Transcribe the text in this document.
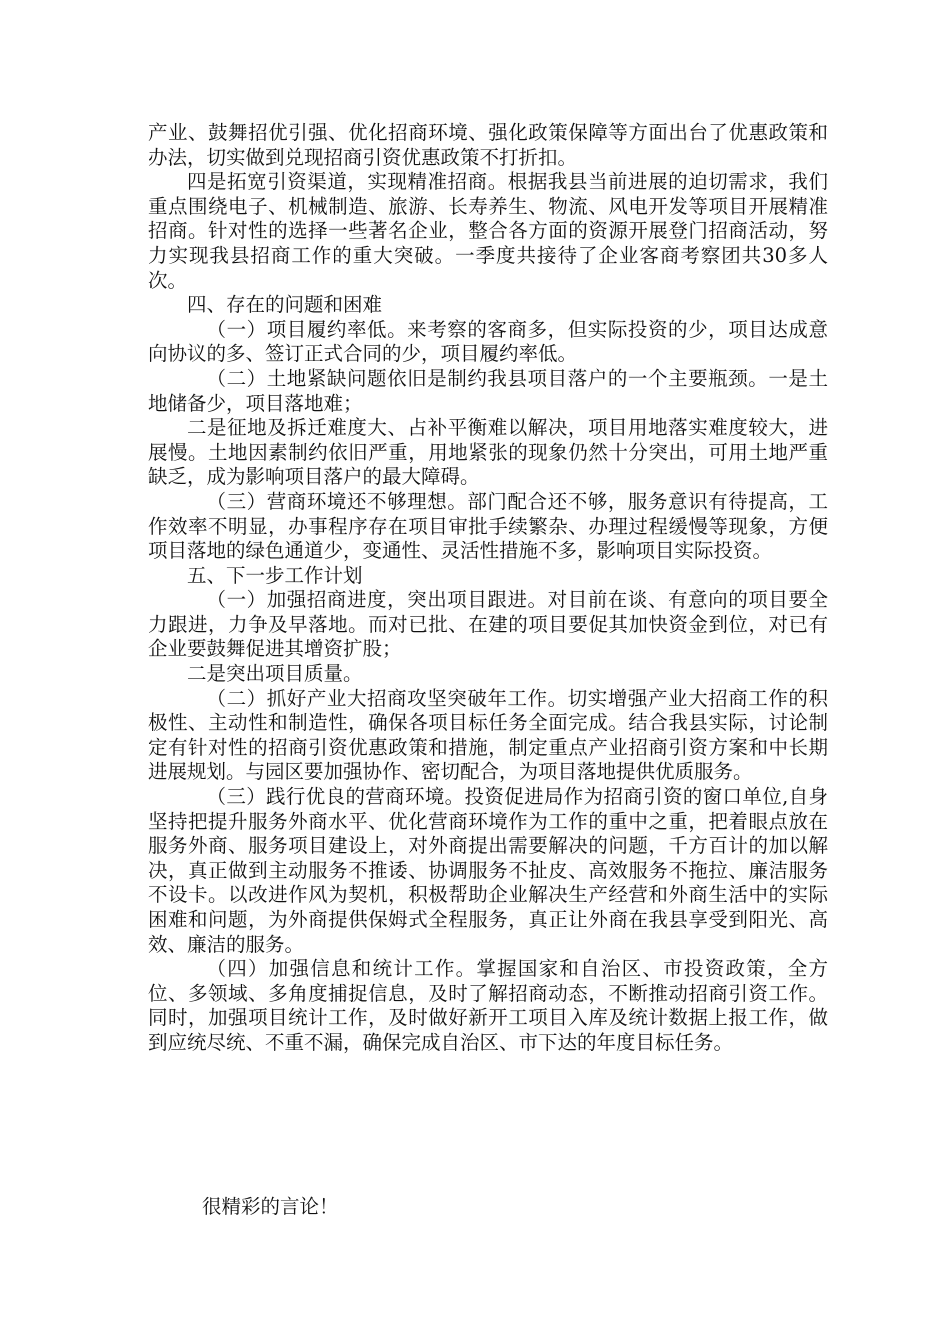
产业、鼓舞招优引强、优化招商环境、强化政策保障等方面出台了优惠政策和办法，切实做到兑现招商引资优惠政策不打折扣。

四是拓宽引资渠道，实现精准招商。根据我县当前进展的迫切需求，我们重点围绕电子、机械制造、旅游、长寿养生、物流、风电开发等项目开展精准招商。针对性的选择一些著名企业，整合各方面的资源开展登门招商活动，努力实现我县招商工作的重大突破。一季度共接待了企业客商考察团共30多人次。

四、存在的问题和困难

（一）项目履约率低。来考察的客商多，但实际投资的少，项目达成意向协议的多、签订正式合同的少，项目履约率低。

（二）土地紧缺问题依旧是制约我县项目落户的一个主要瓶颈。一是土地储备少，项目落地难；

二是征地及拆迁难度大、占补平衡难以解决，项目用地落实难度较大，进展慢。土地因素制约依旧严重，用地紧张的现象仍然十分突出，可用土地严重缺乏，成为影响项目落户的最大障碍。

（三）营商环境还不够理想。部门配合还不够，服务意识有待提高，工作效率不明显，办事程序存在项目审批手续繁杂、办理过程缓慢等现象，方便项目落地的绿色通道少，变通性、灵活性措施不多，影响项目实际投资。

五、下一步工作计划

（一）加强招商进度，突出项目跟进。对目前在谈、有意向的项目要全力跟进，力争及早落地。而对已批、在建的项目要促其加快资金到位，对已有企业要鼓舞促进其增资扩股；

二是突出项目质量。

（二）抓好产业大招商攻坚突破年工作。切实增强产业大招商工作的积极性、主动性和制造性，确保各项目标任务全面完成。结合我县实际，讨论制定有针对性的招商引资优惠政策和措施，制定重点产业招商引资方案和中长期进展规划。与园区要加强协作、密切配合，为项目落地提供优质服务。

（三）践行优良的营商环境。投资促进局作为招商引资的窗口单位,自身坚持把提升服务外商水平、优化营商环境作为工作的重中之重，把着眼点放在服务外商、服务项目建设上，对外商提出需要解决的问题，千方百计的加以解决，真正做到主动服务不推诿、协调服务不扯皮、高效服务不拖拉、廉洁服务不设卡。以改进作风为契机，积极帮助企业解决生产经营和外商生活中的实际困难和问题，为外商提供保姆式全程服务，真正让外商在我县享受到阳光、高效、廉洁的服务。

（四）加强信息和统计工作。掌握国家和自治区、市投资政策，全方位、多领域、多角度捕捉信息，及时了解招商动态，不断推动招商引资工作。同时，加强项目统计工作，及时做好新开工项目入库及统计数据上报工作，做到应统尽统、不重不漏，确保完成自治区、市下达的年度目标任务。

很精彩的言论！
